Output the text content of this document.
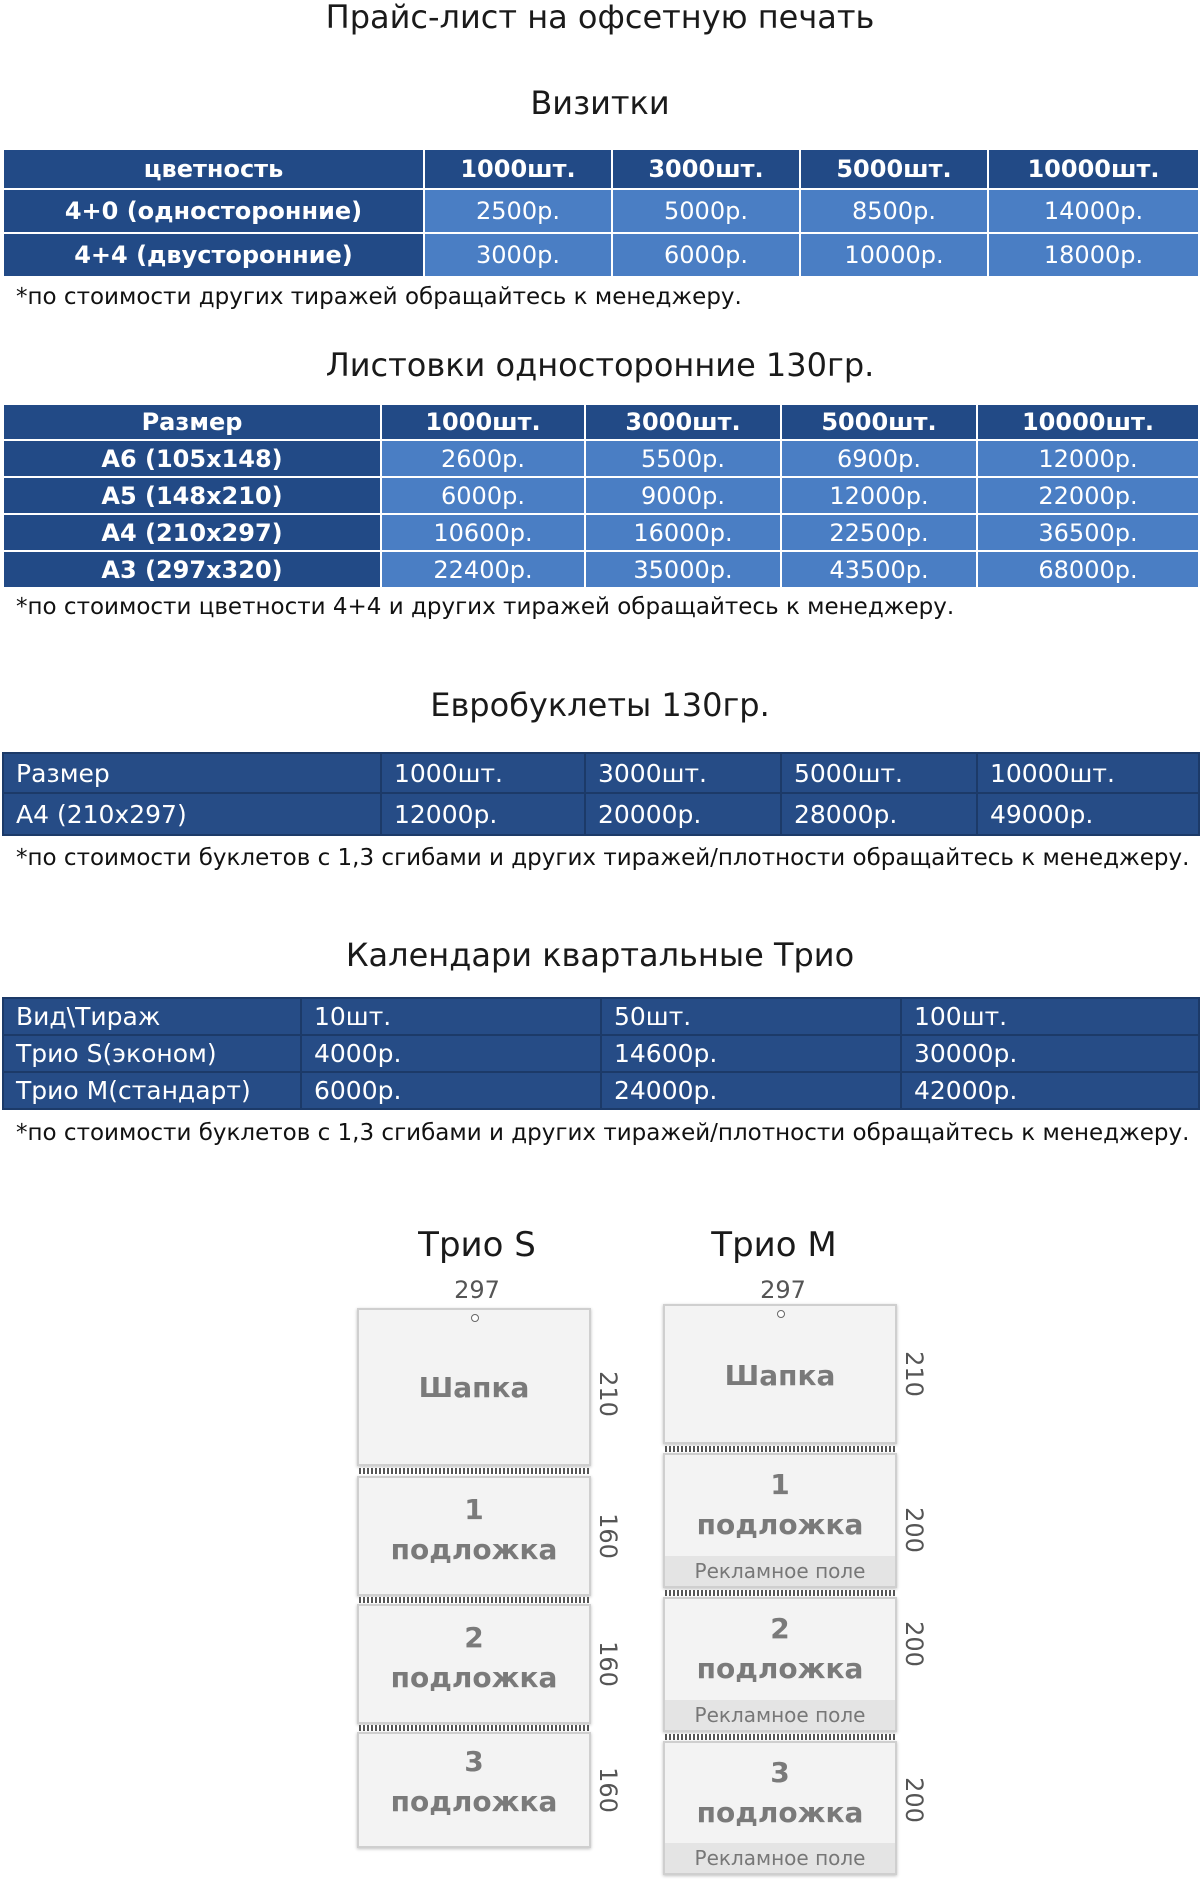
Прайс-лист на офсетную печать
Визитки
цветность	1000шт.	3000шт.	5000шт.	10000шт.
4+0 (односторонние)	2500р.	5000р.	8500р.	14000р.
4+4 (двусторонние)	3000р.	6000р.	10000р.	18000р.
*по стоимости других тиражей обращайтесь к менеджеру.
Листовки односторонние 130гр.
Размер	1000шт.	3000шт.	5000шт.	10000шт.
A6 (105x148)	2600р.	5500р.	6900р.	12000р.
A5 (148x210)	6000р.	9000р.	12000р.	22000р.
A4 (210x297)	10600р.	16000р.	22500р.	36500р.
A3 (297x320)	22400р.	35000р.	43500р.	68000р.
*по стоимости цветности 4+4 и других тиражей обращайтесь к менеджеру.
Еврoбуклеты 130гр.
Размер	1000шт.	3000шт.	5000шт.	10000шт.
A4 (210x297)	12000р.	20000р.	28000р.	49000р.
*по стоимости буклетов с 1,3 сгибами и других тиражей/плотности обращайтесь к менеджеру.
Календари квартальные Трио
Вид\Тираж	10шт.	50шт.	100шт.
Трио S(эконом)	4000р.	14600р.	30000р.
Трио M(стандарт)	6000р.	24000р.	42000р.
*по стоимости буклетов с 1,3 сгибами и других тиражей/плотности обращайтесь к менеджеру.
Трио S
297
Шапка	210
1
подложка	160
2
подложка	160
3
подложка	160
Трио M
297
Шапка	210
1
подложка
Рекламное поле
200
2
подложка
Рекламное поле
200
3
подложка
Рекламное поле
200
